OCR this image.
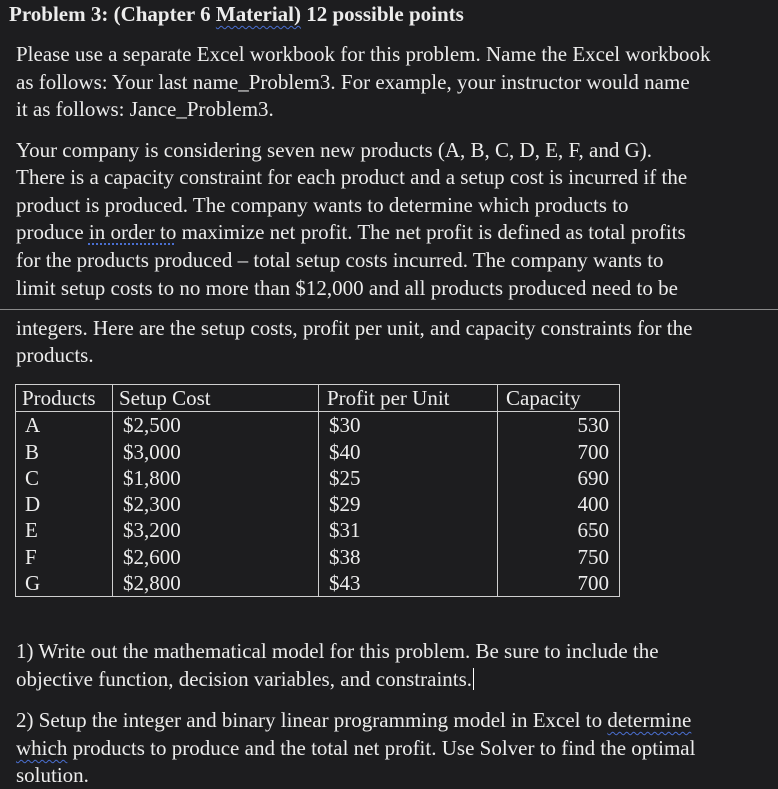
Problem 3: (Chapter 6 Material) 12 possible points
Please use a separate Excel workbook for this problem. Name the Excel workbook
as follows: Your last name_Problem3. For example, your instructor would name
it as follows: Jance_Problem3.
Your company is considering seven new products (A, B, C, D, E, F, and G).
There is a capacity constraint for each product and a setup cost is incurred if the
product is produced. The company wants to determine which products to
produce in order to maximize net profit. The net profit is defined as total profits
for the products produced – total setup costs incurred. The company wants to
limit setup costs to no more than $12,000 and all products produced need to be
integers. Here are the setup costs, profit per unit, and capacity constraints for the
products.
Products	Setup Cost	Profit per Unit	Capacity
A	$2,500	$30	530
B	$3,000	$40	700
C	$1,800	$25	690
D	$2,300	$29	400
E	$3,200	$31	650
F	$2,600	$38	750
G	$2,800	$43	700
1) Write out the mathematical model for this problem. Be sure to include the
objective function, decision variables, and constraints.
2) Setup the integer and binary linear programming model in Excel to determine
which products to produce and the total net profit. Use Solver to find the optimal
solution.
